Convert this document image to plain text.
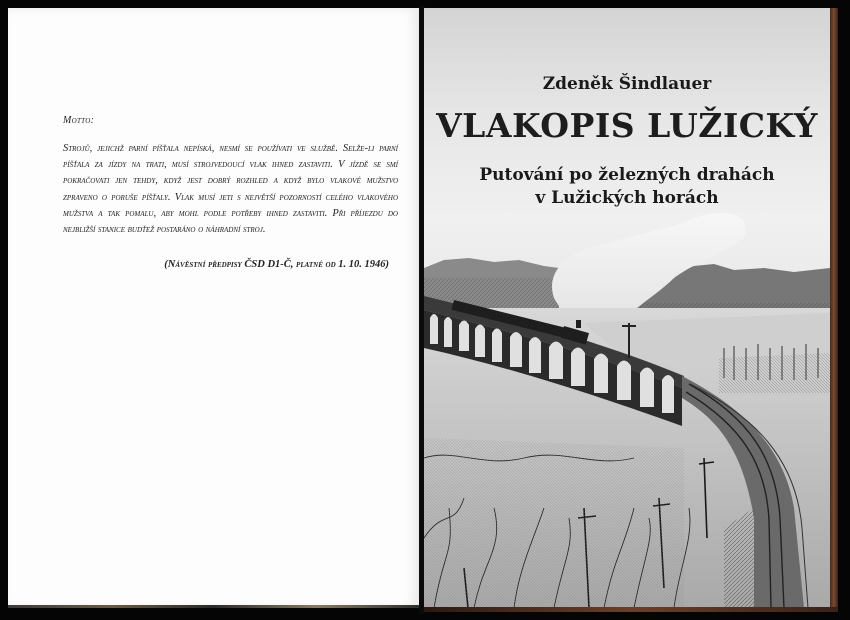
Motto:
Strojů, jejichž parní píšťala nepíská, nesmí se používati ve službě. Selže-li parní píšťala za jízdy na trati, musí strojvedoucí vlak ihned zastaviti. V jízdě se smí pokračovati jen tehdy, když jest dobrý rozhled a když bylo vlakové mužstvo zpraveno o poruše píšťaly. Vlak musí jeti s největší pozorností celého vlakového mužstva a tak pomalu, aby mohl podle potřeby ihned zastaviti. Při příjezdu do nejbližší stanice budťež postaráno o náhradní stroj.
(Návěstní předpisy ČSD D1-Č, platné od 1. 10. 1946)
Zdeněk Šindlauer
VLAKOPIS LUŽICKÝ
Putování po železných drahách
v Lužických horách
